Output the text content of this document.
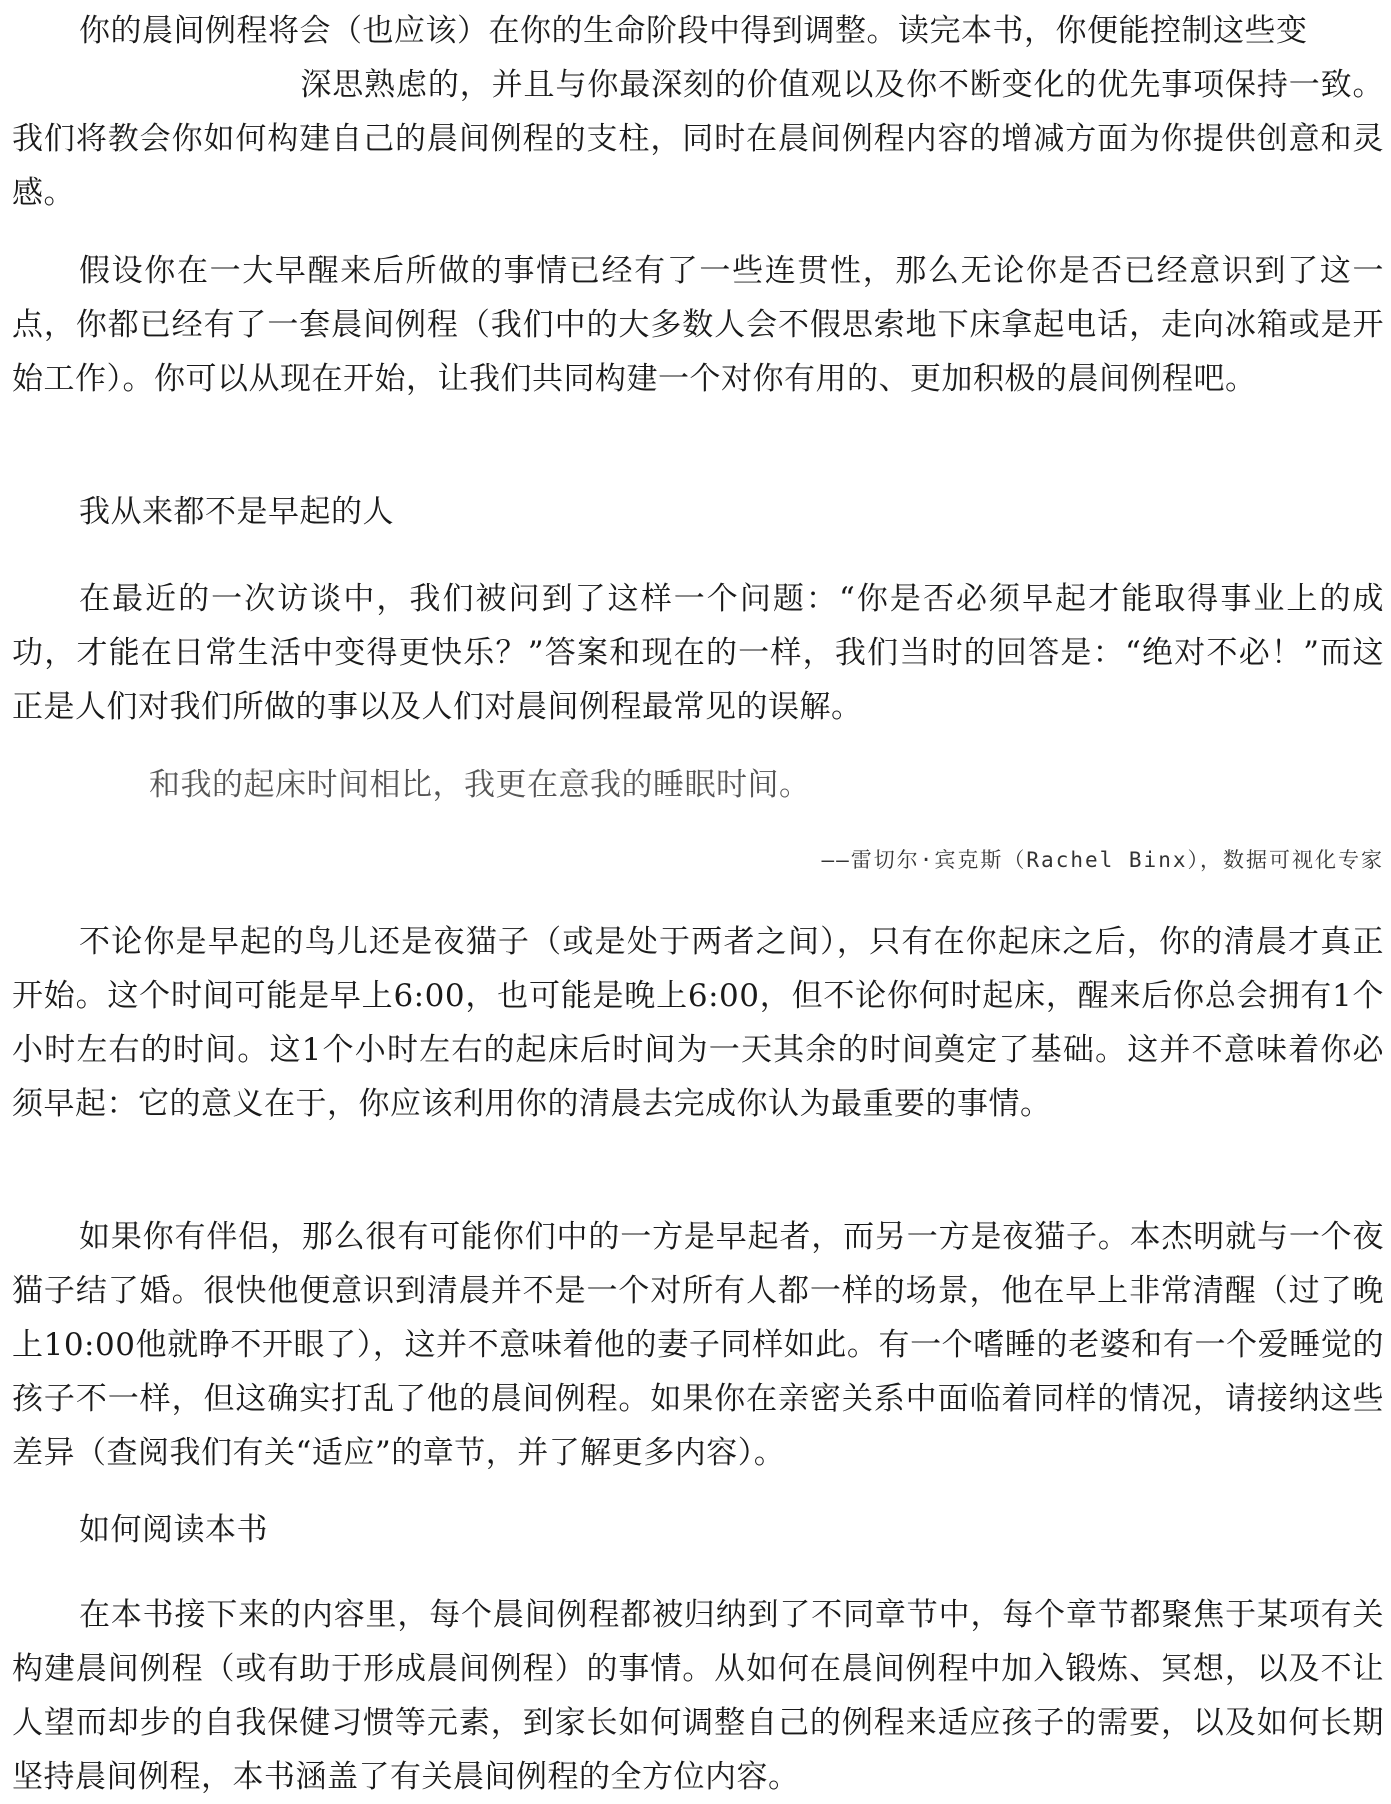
你的晨间例程将会（也应该）在你的生命阶段中得到调整。读完本书，你便能控制这些变
深思熟虑的，并且与你最深刻的价值观以及你不断变化的优先事项保持一致。我们将教会你如何构建自己的晨间例程的支柱，同时在晨间例程内容的增减方面为你提供创意和灵感。

假设你在一大早醒来后所做的事情已经有了一些连贯性，那么无论你是否已经意识到了这一点，你都已经有了一套晨间例程（我们中的大多数人会不假思索地下床拿起电话，走向冰箱或是开始工作）。你可以从现在开始，让我们共同构建一个对你有用的、更加积极的晨间例程吧。

我从来都不是早起的人

在最近的一次访谈中，我们被问到了这样一个问题：“你是否必须早起才能取得事业上的成功，才能在日常生活中变得更快乐？”答案和现在的一样，我们当时的回答是：“绝对不必！”而这正是人们对我们所做的事以及人们对晨间例程最常见的误解。

和我的起床时间相比，我更在意我的睡眠时间。

——雷切尔·宾克斯（Rachel Binx），数据可视化专家

不论你是早起的鸟儿还是夜猫子（或是处于两者之间），只有在你起床之后，你的清晨才真正开始。这个时间可能是早上6:00，也可能是晚上6:00，但不论你何时起床，醒来后你总会拥有1个小时左右的时间。这1个小时左右的起床后时间为一天其余的时间奠定了基础。这并不意味着你必须早起：它的意义在于，你应该利用你的清晨去完成你认为最重要的事情。

如果你有伴侣，那么很有可能你们中的一方是早起者，而另一方是夜猫子。本杰明就与一个夜猫子结了婚。很快他便意识到清晨并不是一个对所有人都一样的场景，他在早上非常清醒（过了晚上10:00他就睁不开眼了），这并不意味着他的妻子同样如此。有一个嗜睡的老婆和有一个爱睡觉的孩子不一样，但这确实打乱了他的晨间例程。如果你在亲密关系中面临着同样的情况，请接纳这些差异（查阅我们有关“适应”的章节，并了解更多内容）。

如何阅读本书

在本书接下来的内容里，每个晨间例程都被归纳到了不同章节中，每个章节都聚焦于某项有关构建晨间例程（或有助于形成晨间例程）的事情。从如何在晨间例程中加入锻炼、冥想，以及不让人望而却步的自我保健习惯等元素，到家长如何调整自己的例程来适应孩子的需要，以及如何长期坚持晨间例程，本书涵盖了有关晨间例程的全方位内容。
